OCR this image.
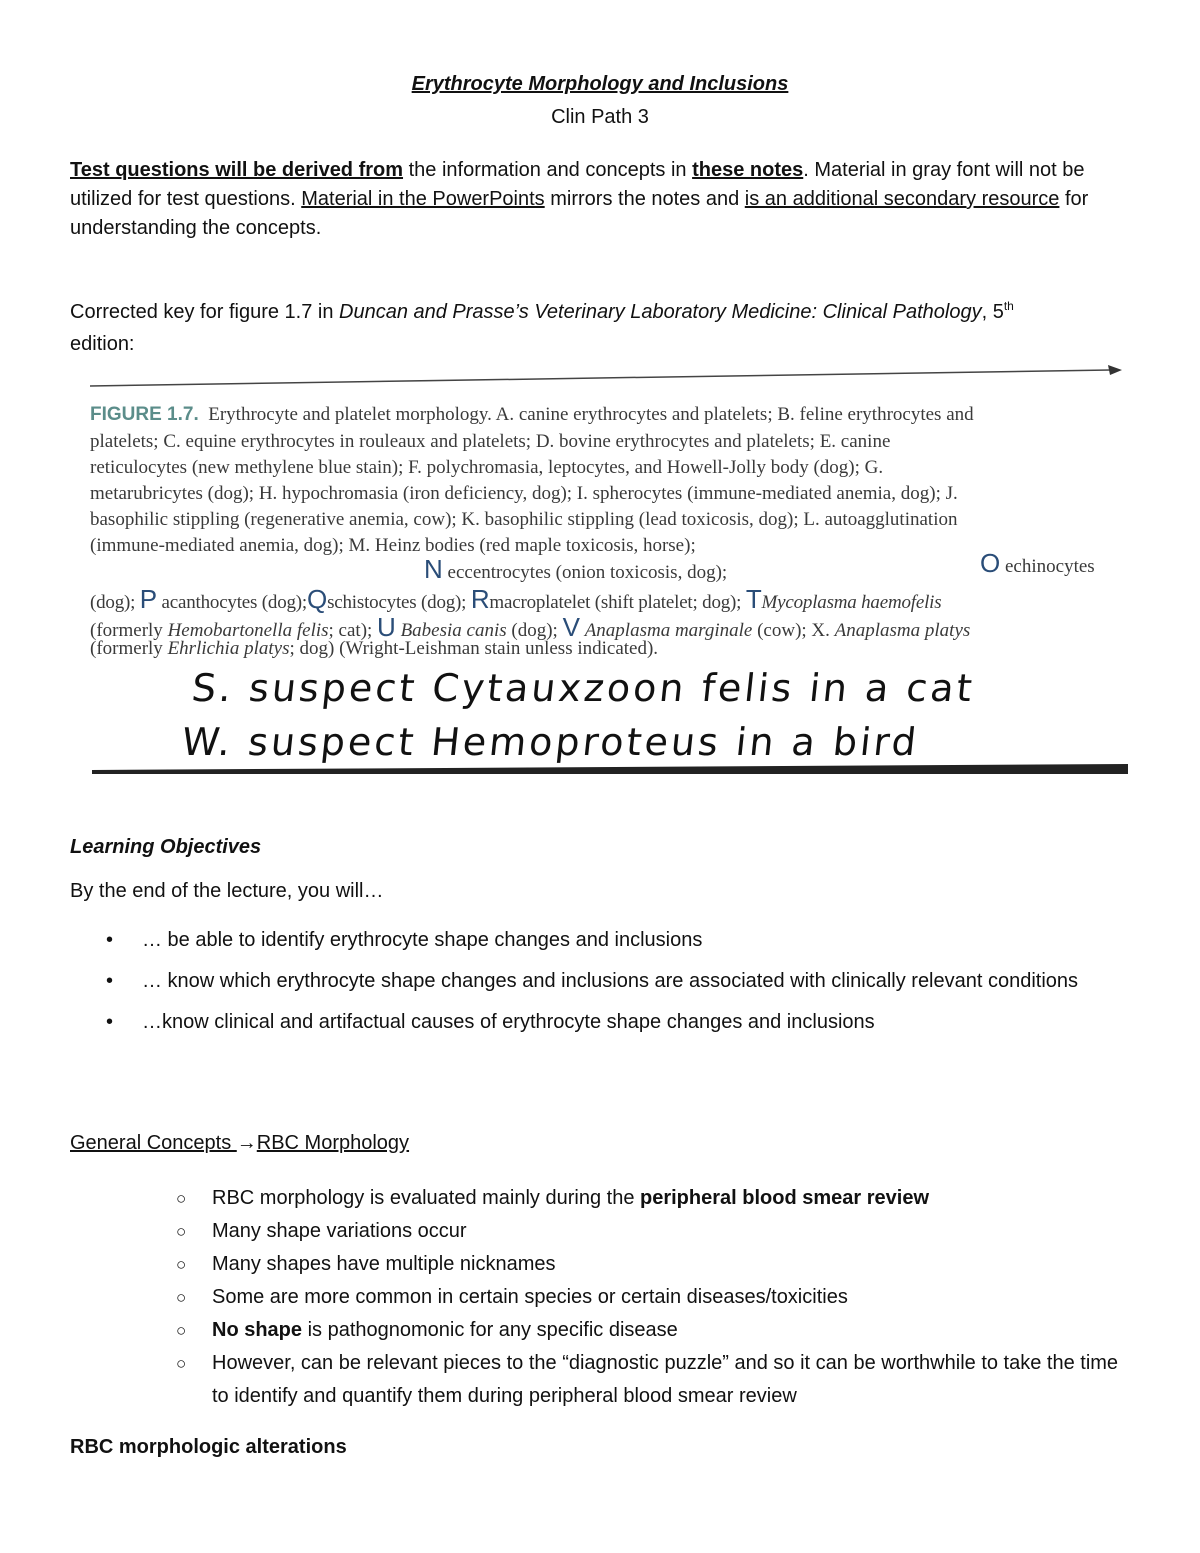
Erythrocyte Morphology and Inclusions
Clin Path 3

Test questions will be derived from the information and concepts in these notes. Material in gray font will not be utilized for test questions. Material in the PowerPoints mirrors the notes and is an additional secondary resource for understanding the concepts.

Corrected key for figure 1.7 in Duncan and Prasse’s Veterinary Laboratory Medicine: Clinical Pathology, 5th
edition:

FIGURE 1.7. Erythrocyte and platelet morphology. A. canine erythrocytes and platelets; B. feline erythrocytes and
platelets; C. equine erythrocytes in rouleaux and platelets; D. bovine erythrocytes and platelets; E. canine
reticulocytes (new methylene blue stain); F. polychromasia, leptocytes, and Howell-Jolly body (dog); G.
metarubricytes (dog); H. hypochromasia (iron deficiency, dog); I. spherocytes (immune-mediated anemia, dog); J.
basophilic stippling (regenerative anemia, cow); K. basophilic stippling (lead toxicosis, dog); L. autoagglutination
(immune-mediated anemia, dog); M. Heinz bodies (red maple toxicosis, horse);
N eccentrocytes (onion toxicosis, dog);	O echinocytes
(dog); P acanthocytes (dog);Qschistocytes (dog); Rmacroplatelet (shift platelet; dog); TMycoplasma haemofelis
(formerly Hemobartonella felis; cat); U Babesia canis (dog); V Anaplasma marginale (cow); X. Anaplasma platys
(formerly Ehrlichia platys; dog) (Wright-Leishman stain unless indicated).
S. suspect Cytauxzoon felis in a cat
W. suspect Hemoproteus in a bird
Learning Objectives
By the end of the lecture, you will…
• … be able to identify erythrocyte shape changes and inclusions
• … know which erythrocyte shape changes and inclusions are associated with clinically relevant conditions
• …know clinical and artifactual causes of erythrocyte shape changes and inclusions
General Concepts →RBC Morphology
○ RBC morphology is evaluated mainly during the peripheral blood smear review
○ Many shape variations occur
○ Many shapes have multiple nicknames
○ Some are more common in certain species or certain diseases/toxicities
○ No shape is pathognomonic for any specific disease
○ However, can be relevant pieces to the “diagnostic puzzle” and so it can be worthwhile to take the time to identify and quantify them during peripheral blood smear review
RBC morphologic alterations
